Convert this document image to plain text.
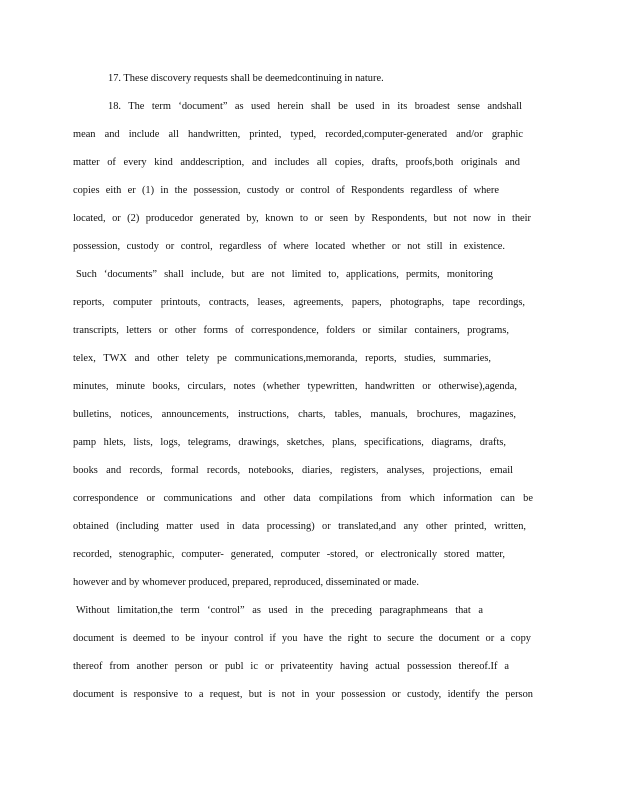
17. These discovery requests shall be deemedcontinuing in nature.
18. The term ‘document” as used herein shall be used in its broadest sense andshall
mean and include all handwritten, printed, typed, recorded,computer-generated and/or graphic
matter of every kind anddescription, and includes all copies, drafts, proofs,both originals and
copies eith er (1) in the possession, custody or control of Respondents regardless of where
located, or (2) producedor generated by, known to or seen by Respondents, but not now in their
possession, custody or control, regardless of where located whether or not still in existence.
Such ‘documents” shall include, but are not limited to, applications, permits, monitoring
reports, computer printouts, contracts, leases, agreements, papers, photographs, tape recordings,
transcripts, letters or other forms of correspondence, folders or similar containers, programs,
telex, TWX and other telety pe communications,memoranda, reports, studies, summaries,
minutes, minute books, circulars, notes (whether typewritten, handwritten or otherwise),agenda,
bulletins, notices, announcements, instructions, charts, tables, manuals, brochures, magazines,
pamp hlets, lists, logs, telegrams, drawings, sketches, plans, specifications, diagrams, drafts,
books and records, formal records, notebooks, diaries, registers, analyses, projections, email
correspondence or communications and other data compilations from which information can be
obtained (including matter used in data processing) or translated,and any other printed, written,
recorded, stenographic, computer- generated, computer -stored, or electronically stored matter,
however and by whomever produced, prepared, reproduced, disseminated or made.
Without limitation,the term ‘control” as used in the preceding paragraphmeans that a
document is deemed to be inyour control if you have the right to secure the document or a copy
thereof from another person or publ ic or privateentity having actual possession thereof.If a
document is responsive to a request, but is not in your possession or custody, identify the person
